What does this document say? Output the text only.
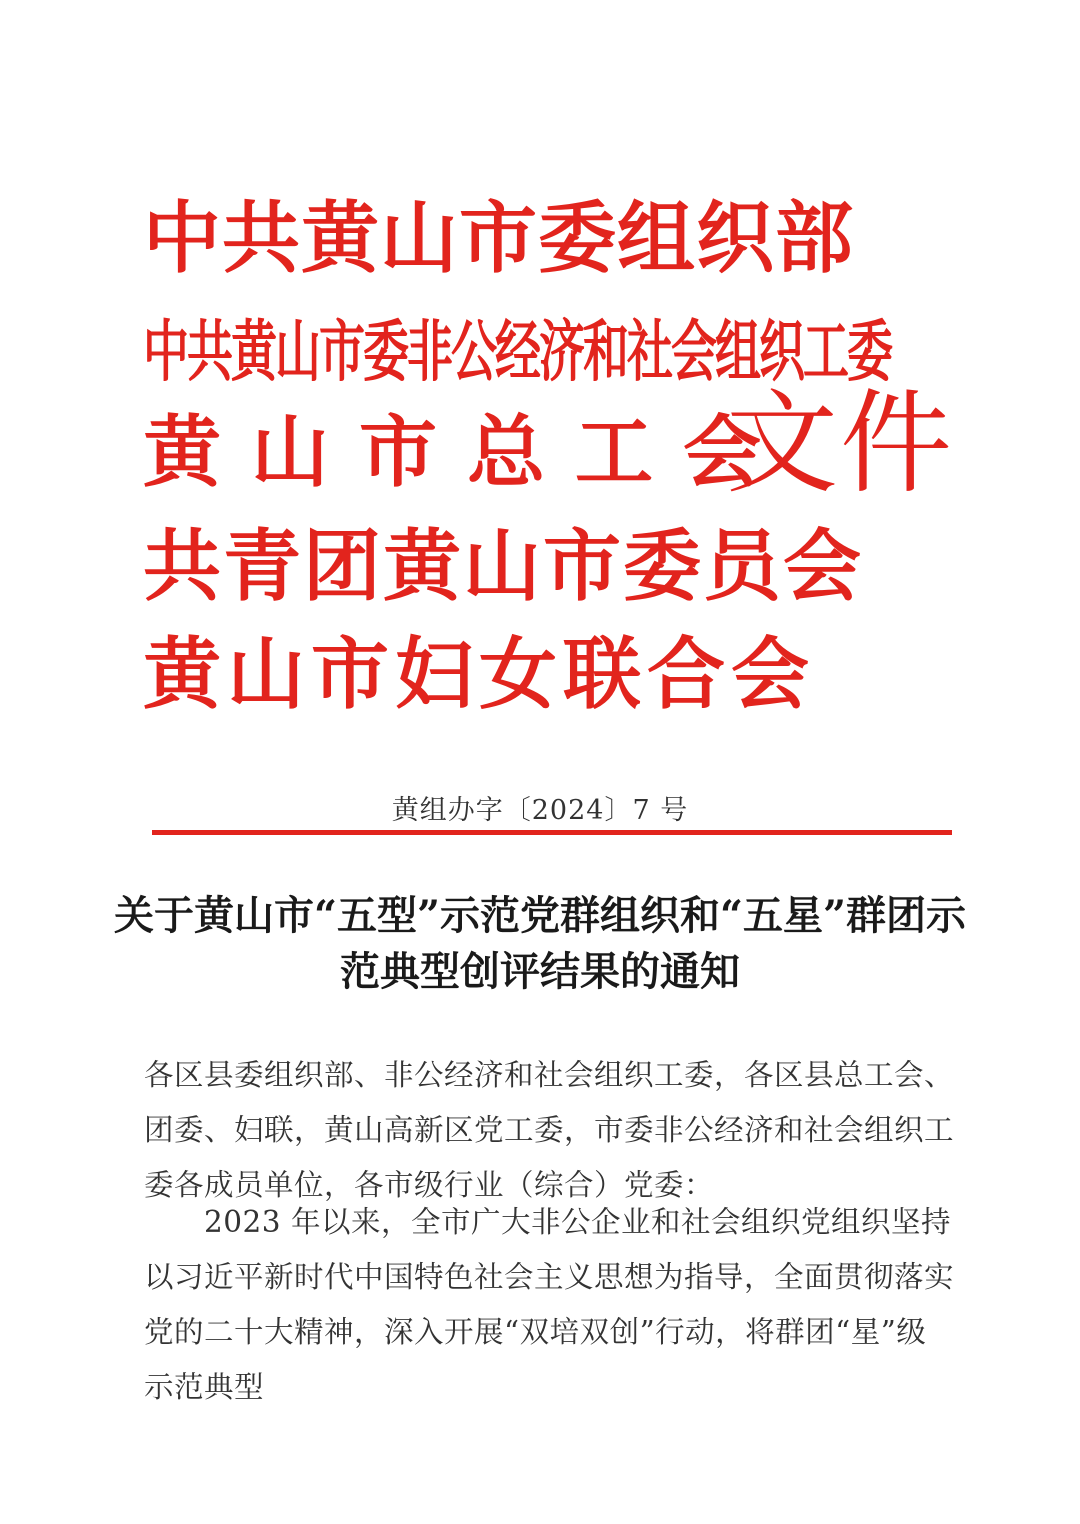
中共黄山市委组织部
中共黄山市委非公经济和社会组织工委
黄山市总工会
共青团黄山市委员会
黄山市妇女联合会
文件
黄组办字〔2024〕7 号
关于黄山市“五型”示范党群组织和“五星”群团示范典型创评结果的通知
各区县委组织部、非公经济和社会组织工委，各区县总工会、团委、妇联，黄山高新区党工委，市委非公经济和社会组织工委各成员单位，各市级行业（综合）党委：
2023 年以来，全市广大非公企业和社会组织党组织坚持以习近平新时代中国特色社会主义思想为指导，全面贯彻落实党的二十大精神，深入开展“双培双创”行动，将群团“星”级示范典型
